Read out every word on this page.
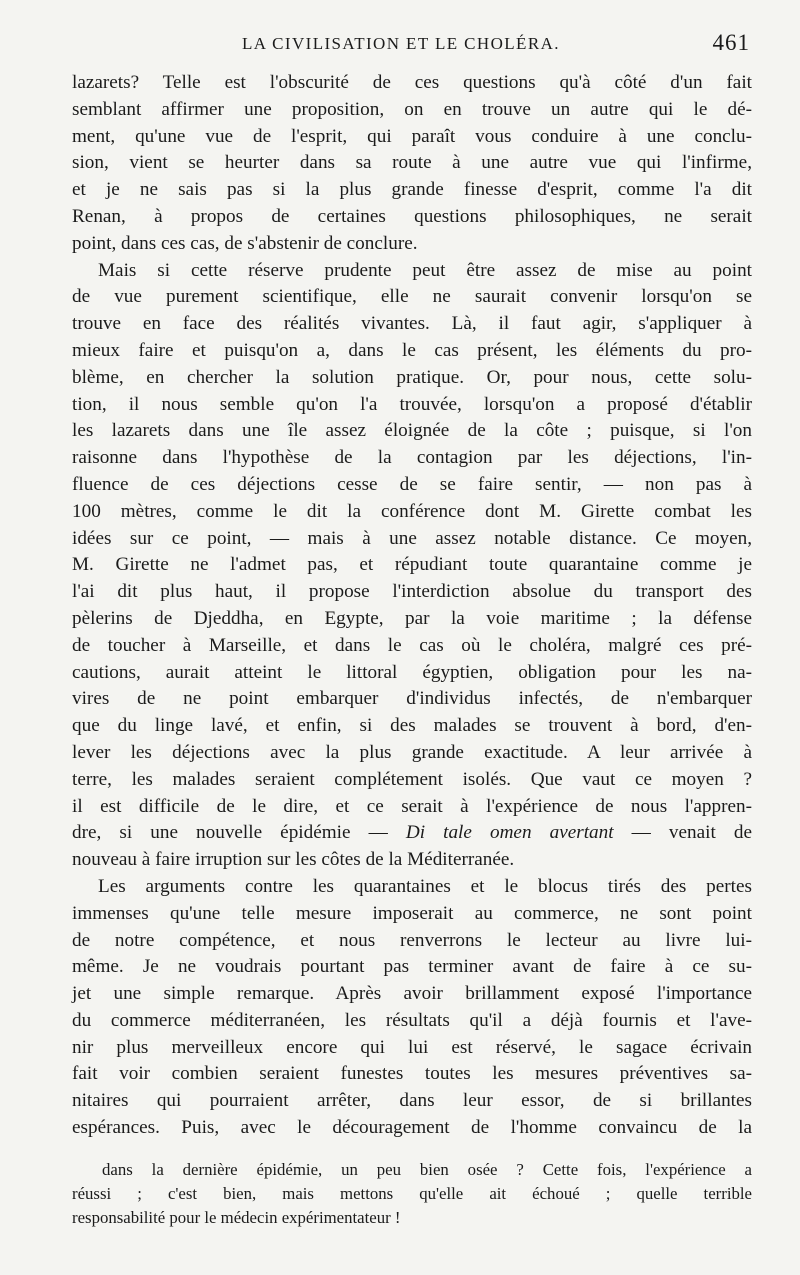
LA CIVILISATION ET LE CHOLÉRA.	461
lazarets? Telle est l'obscurité de ces questions qu'à côté d'un fait
semblant affirmer une proposition, on en trouve un autre qui le dé-
ment, qu'une vue de l'esprit, qui paraît vous conduire à une conclu-
sion, vient se heurter dans sa route à une autre vue qui l'infirme,
et je ne sais pas si la plus grande finesse d'esprit, comme l'a dit
Renan, à propos de certaines questions philosophiques, ne serait
point, dans ces cas, de s'abstenir de conclure.
Mais si cette réserve prudente peut être assez de mise au point
de vue purement scientifique, elle ne saurait convenir lorsqu'on se
trouve en face des réalités vivantes. Là, il faut agir, s'appliquer à
mieux faire et puisqu'on a, dans le cas présent, les éléments du pro-
blème, en chercher la solution pratique. Or, pour nous, cette solu-
tion, il nous semble qu'on l'a trouvée, lorsqu'on a proposé d'établir
les lazarets dans une île assez éloignée de la côte ; puisque, si l'on
raisonne dans l'hypothèse de la contagion par les déjections, l'in-
fluence de ces déjections cesse de se faire sentir, — non pas à
100 mètres, comme le dit la conférence dont M. Girette combat les
idées sur ce point, — mais à une assez notable distance. Ce moyen,
M. Girette ne l'admet pas, et répudiant toute quarantaine comme je
l'ai dit plus haut, il propose l'interdiction absolue du transport des
pèlerins de Djeddha, en Egypte, par la voie maritime ; la défense
de toucher à Marseille, et dans le cas où le choléra, malgré ces pré-
cautions, aurait atteint le littoral égyptien, obligation pour les na-
vires de ne point embarquer d'individus infectés, de n'embarquer
que du linge lavé, et enfin, si des malades se trouvent à bord, d'en-
lever les déjections avec la plus grande exactitude. A leur arrivée à
terre, les malades seraient complétement isolés. Que vaut ce moyen ?
il est difficile de le dire, et ce serait à l'expérience de nous l'appren-
dre, si une nouvelle épidémie — Di tale omen avertant — venait de
nouveau à faire irruption sur les côtes de la Méditerranée.
Les arguments contre les quarantaines et le blocus tirés des pertes
immenses qu'une telle mesure imposerait au commerce, ne sont point
de notre compétence, et nous renverrons le lecteur au livre lui-
même. Je ne voudrais pourtant pas terminer avant de faire à ce su-
jet une simple remarque. Après avoir brillamment exposé l'importance
du commerce méditerranéen, les résultats qu'il a déjà fournis et l'ave-
nir plus merveilleux encore qui lui est réservé, le sagace écrivain
fait voir combien seraient funestes toutes les mesures préventives sa-
nitaires qui pourraient arrêter, dans leur essor, de si brillantes
espérances. Puis, avec le découragement de l'homme convaincu de la
dans la dernière épidémie, un peu bien osée ? Cette fois, l'expérience a
réussi ; c'est bien, mais mettons qu'elle ait échoué ; quelle terrible
responsabilité pour le médecin expérimentateur !
